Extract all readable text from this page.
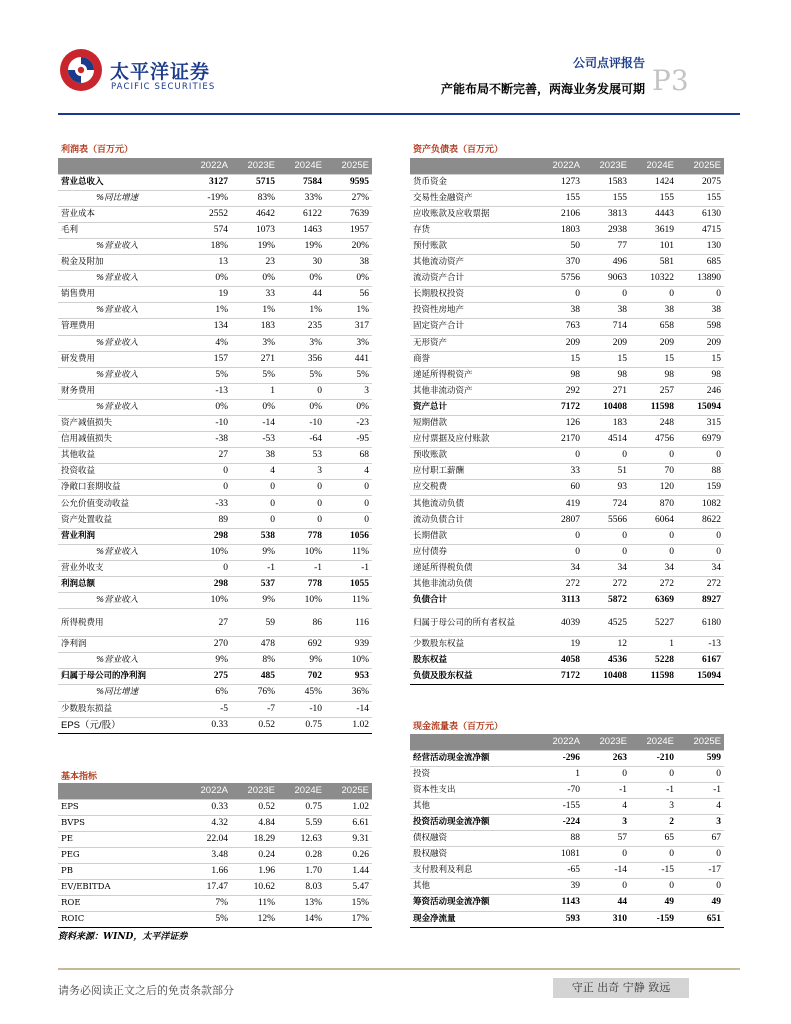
太平洋证券
PACIFIC SECURITIES
公司点评报告
产能布局不断完善，两海业务发展可期 P3
利润表（百万元）	资产负债表（百万元）
现金流量表（百万元）
基本指标
	2022A	2023E	2024E	2025E
营业总收入	3127	5715	7584	9595
%同比增速	-19%	83%	33%	27%
营业成本	2552	4642	6122	7639
毛利	574	1073	1463	1957
%营业收入	18%	19%	19%	20%
税金及附加	13	23	30	38
%营业收入	0%	0%	0%	0%
销售费用	19	33	44	56
%营业收入	1%	1%	1%	1%
管理费用	134	183	235	317
%营业收入	4%	3%	3%	3%
研发费用	157	271	356	441
%营业收入	5%	5%	5%	5%
财务费用	-13	1	0	3
%营业收入	0%	0%	0%	0%
资产减值损失	-10	-14	-10	-23
信用减值损失	-38	-53	-64	-95
其他收益	27	38	53	68
投资收益	0	4	3	4
净敞口套期收益	0	0	0	0
公允价值变动收益	-33	0	0	0
资产处置收益	89	0	0	0
营业利润	298	538	778	1056
%营业收入	10%	9%	10%	11%
营业外收支	0	-1	-1	-1
利润总额	298	537	778	1055
%营业收入	10%	9%	10%	11%
所得税费用	27	59	86	116
净利润	270	478	692	939
%营业收入	9%	8%	9%	10%
归属于母公司的净利润	275	485	702	953
%同比增速	6%	76%	45%	36%
少数股东损益	-5	-7	-10	-14
EPS（元/股）	0.33	0.52	0.75	1.02
	2022A	2023E	2024E	2025E
货币资金	1273	1583	1424	2075
交易性金融资产	155	155	155	155
应收账款及应收票据	2106	3813	4443	6130
存货	1803	2938	3619	4715
预付账款	50	77	101	130
其他流动资产	370	496	581	685
流动资产合计	5756	9063	10322	13890
长期股权投资	0	0	0	0
投资性房地产	38	38	38	38
固定资产合计	763	714	658	598
无形资产	209	209	209	209
商誉	15	15	15	15
递延所得税资产	98	98	98	98
其他非流动资产	292	271	257	246
资产总计	7172	10408	11598	15094
短期借款	126	183	248	315
应付票据及应付账款	2170	4514	4756	6979
预收账款	0	0	0	0
应付职工薪酬	33	51	70	88
应交税费	60	93	120	159
其他流动负债	419	724	870	1082
流动负债合计	2807	5566	6064	8622
长期借款	0	0	0	0
应付债券	0	0	0	0
递延所得税负债	34	34	34	34
其他非流动负债	272	272	272	272
负债合计	3113	5872	6369	8927
归属于母公司的所有者权益	4039	4525	5227	6180
少数股东权益	19	12	1	-13
股东权益	4058	4536	5228	6167
负债及股东权益	7172	10408	11598	15094
	2022A	2023E	2024E	2025E
经营活动现金流净额	-296	263	-210	599
投资	1	0	0	0
资本性支出	-70	-1	-1	-1
其他	-155	4	3	4
投资活动现金流净额	-224	3	2	3
债权融资	88	57	65	67
股权融资	1081	0	0	0
支付股利及利息	-65	-14	-15	-17
其他	39	0	0	0
筹资活动现金流净额	1143	44	49	49
现金净流量	593	310	-159	651
	2022A	2023E	2024E	2025E
EPS	0.33	0.52	0.75	1.02
BVPS	4.32	4.84	5.59	6.61
PE	22.04	18.29	12.63	9.31
PEG	3.48	0.24	0.28	0.26
PB	1.66	1.96	1.70	1.44
EV/EBITDA	17.47	10.62	8.03	5.47
ROE	7%	11%	13%	15%
ROIC	5%	12%	14%	17%
资料来源：WIND，太平洋证券
请务必阅读正文之后的免责条款部分	守正 出奇 宁静 致远
